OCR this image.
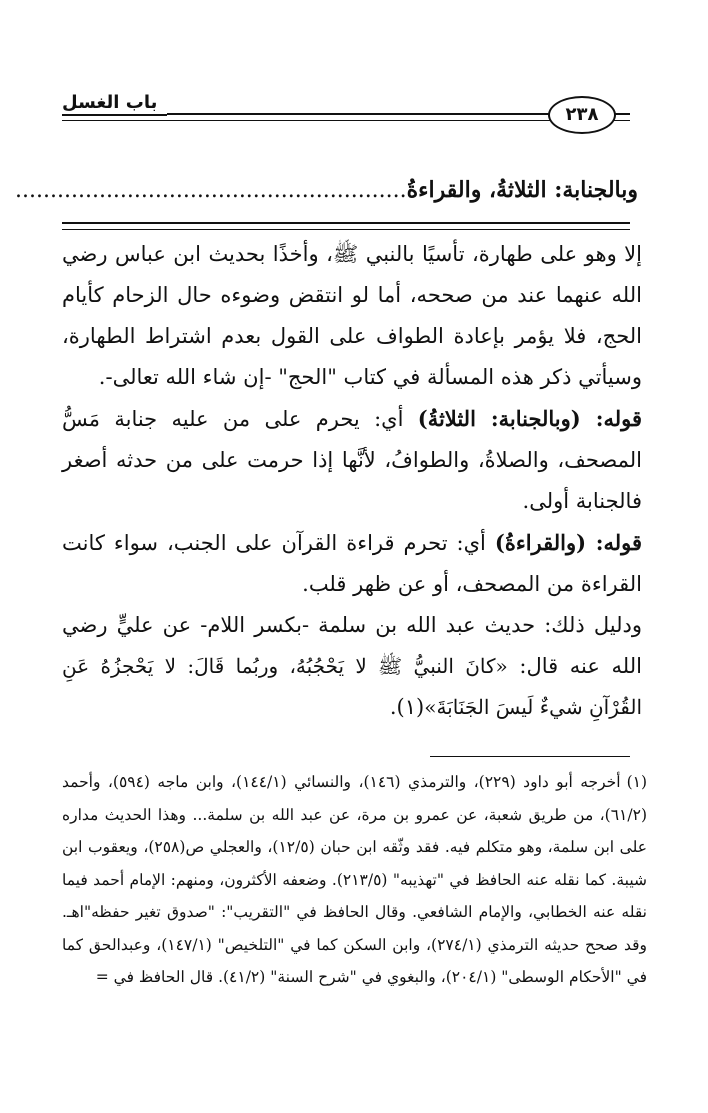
باب الغسل
٢٣٨
وبالجنابة: الثلاثةُ، والقراءةُ........................................................

إلا وهو على طهارة، تأسيًا بالنبي ﷺ، وأخذًا بحديث ابن عباس رضي الله عنهما عند من صححه، أما لو انتقض وضوءه حال الزحام كأيام الحج، فلا يؤمر بإعادة الطواف على القول بعدم اشتراط الطهارة، وسيأتي ذكر هذه المسألة في كتاب "الحج" -إن شاء الله تعالى-.

قوله: (وبالجنابة: الثلاثةُ) أي: يحرم على من عليه جنابة مَسُّ المصحف، والصلاةُ، والطوافُ، لأنَّها إذا حرمت على من حدثه أصغر فالجنابة أولى.

قوله: (والقراءةُ) أي: تحرم قراءة القرآن على الجنب، سواء كانت القراءة من المصحف، أو عن ظهر قلب.

ودليل ذلك: حديث عبد الله بن سلمة -بكسر اللام- عن عليٍّ رضي الله عنه قال: «كانَ النبيُّ ﷺ لا يَحْجُبُهُ، وربُما قَالَ: لا يَحْجزُهُ عَنِ القُرْآنِ شيءٌ لَيسَ الجَنَابَةَ»(١).

(١)أخرجه أبو داود (٢٢٩)، والترمذي (١٤٦)، والنسائي (١٤٤/١)، وابن ماجه (٥٩٤)، وأحمد (٦١/٢)، من طريق شعبة، عن عمرو بن مرة، عن عبد الله بن سلمة... وهذا الحديث مداره على ابن سلمة، وهو متكلم فيه. فقد وثّقه ابن حبان (١٢/٥)، والعجلي ص(٢٥٨)، ويعقوب ابن شيبة. كما نقله عنه الحافظ في "تهذيبه" (٢١٣/٥). وضعفه الأكثرون، ومنهم: الإمام أحمد فيما نقله عنه الخطابي، والإمام الشافعي. وقال الحافظ في "التقريب": "صدوق تغير حفظه"اهـ. وقد صحح حديثه الترمذي (٢٧٤/١)، وابن السكن كما في "التلخيص" (١٤٧/١)، وعبدالحق كما في "الأحكام الوسطى" (٢٠٤/١)، والبغوي في "شرح السنة" (٤١/٢). قال الحافظ في =
